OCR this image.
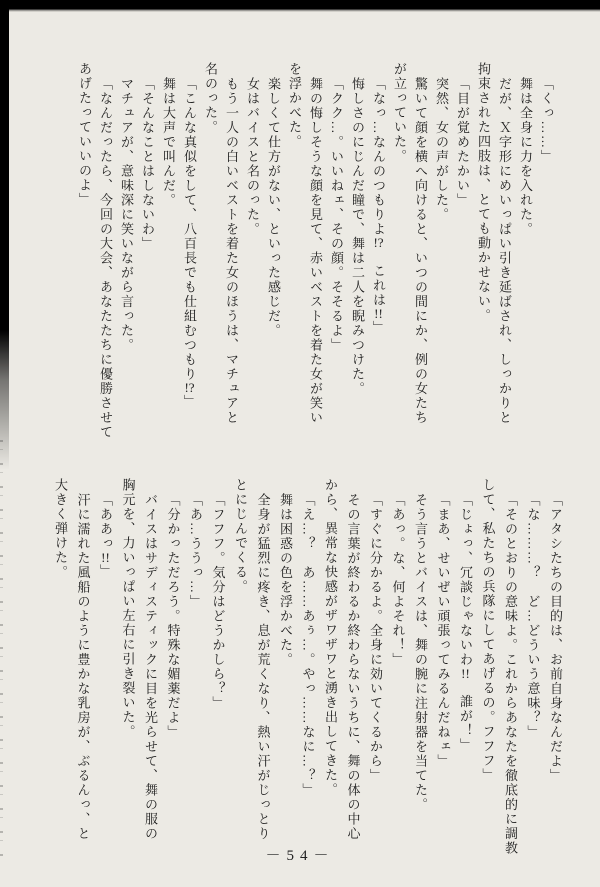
「くっ……」

舞は全身に力を入れた。

だが、Ｘ字形にめいっぱい引き延ばされ、しっかりと

拘束された四肢は、とても動かせない。

「目が覚めたかい」

突然、女の声がした。

驚いて顔を横へ向けると、いつの間にか、例の女たち

が立っていた。

「なっ…なんのつもりよ!?　これは!!」

悔しさのにじんだ瞳で、舞は二人を睨みつけた。

「クク…。いいねェ、その顔。そそるよ」

舞の悔しそうな顔を見て、赤いベストを着た女が笑い

を浮かべた。

楽しくて仕方がない、といった感じだ。

女はバイスと名のった。

もう一人の白いベストを着た女のほうは、マチュアと

名のった。

「こんな真似をして、八百長でも仕組むつもり!?」

舞は大声で叫んだ。

「そんなことはしないわ」

マチュアが、意味深に笑いながら言った。

「なんだったら、今回の大会、あなたたちに優勝させて

あげたっていいのよ」

「アタシたちの目的は、お前自身なんだよ」

「な………？　ど…どういう意味？」

「そのとおりの意味よ。これからあなたを徹底的に調教

して、私たちの兵隊にしてあげるの。フフフ」

「じょっ、冗談じゃないわ!!　誰が！」

「まあ、せいぜい頑張ってみるんだねェ」

そう言うとバイスは、舞の腕に注射器を当てた。

「あっ。な、何よそれ！」

「すぐに分かるよ。全身に効いてくるから」

その言葉が終わるか終わらないうちに、舞の体の中心

から、異常な快感がザワザワと湧き出してきた。

「え…？　あ……あぅ…。やっ……なに…？」

舞は困惑の色を浮かべた。

全身が猛烈に疼き、息が荒くなり、熱い汗がじっとり

とにじんでくる。

「フフフ。気分はどうかしら？」

「あ…ううっ…」

「分かっただろう。特殊な媚薬だよ」

バイスはサディスティックに目を光らせて、舞の服の

胸元を、力いっぱい左右に引き裂いた。

「ああっ!!」

汗に濡れた風船のように豊かな乳房が、ぶるんっ、と

大きく弾けた。

－54－
